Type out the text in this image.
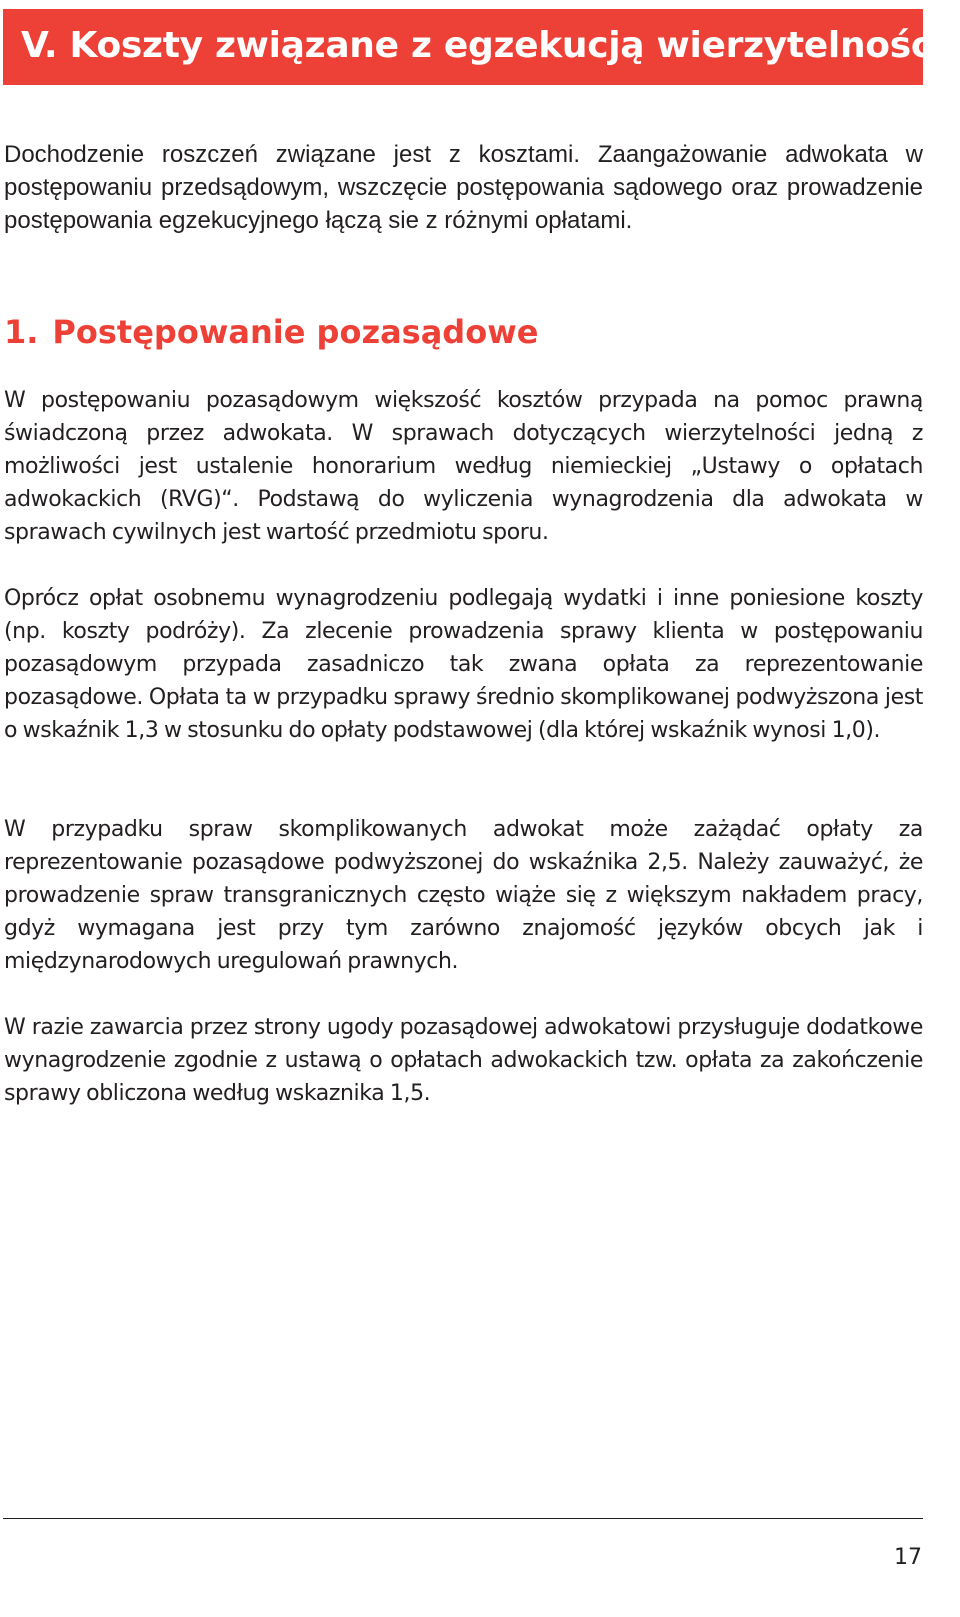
V. Koszty związane z egzekucją wierzytelności

Dochodzenie roszczeń związane jest z kosztami. Zaangażowanie adwokata w postępowaniu przedsądowym, wszczęcie postępowania sądowego oraz prowadzenie postępowania egzekucyjnego łączą sie z różnymi opłatami.

1. Postępowanie pozasądowe

W postępowaniu pozasądowym większość kosztów przypada na pomoc prawną świadczoną przez adwokata. W sprawach dotyczących wierzytelności jedną z możliwości jest ustalenie honorarium według niemieckiej „Ustawy o opłatach adwokackich (RVG)“. Podstawą do wyliczenia wynagrodzenia dla adwokata w sprawach cywilnych jest wartość przedmiotu sporu.

Oprócz opłat osobnemu wynagrodzeniu podlegają wydatki i inne poniesione koszty (np. koszty podróży). Za zlecenie prowadzenia sprawy klienta w postępowaniu pozasądowym przypada zasadniczo tak zwana opłata za reprezentowanie pozasądowe. Opłata ta w przypadku sprawy średnio skomplikowanej podwyższona jest o wskaźnik 1,3 w stosunku do opłaty podstawowej (dla której wskaźnik wynosi 1,0).

W przypadku spraw skomplikowanych adwokat może zażądać opłaty za reprezentowanie pozasądowe podwyższonej do wskaźnika 2,5. Należy zauważyć, że prowadzenie spraw transgranicznych często wiąże się z większym nakładem pracy, gdyż wymagana jest przy tym zarówno znajomość języków obcych jak i międzynarodowych uregulowań prawnych.

W razie zawarcia przez strony ugody pozasądowej adwokatowi przysługuje dodatkowe wynagrodzenie zgodnie z ustawą o opłatach adwokackich tzw. opłata za zakończenie sprawy obliczona według wskaznika 1,5.

17
